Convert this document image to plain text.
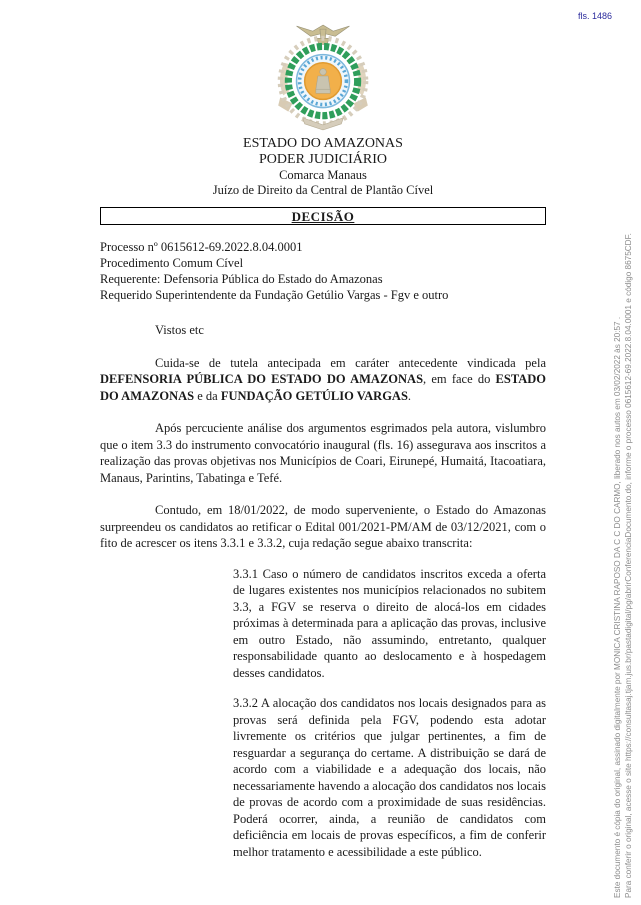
fls. 1486
Este documento é cópia do original, assinado digitalmente por MONICA CRISTINA RAPOSO DA C C DO CARMO, liberado nos autos em 03/02/2022 às 20:57 . Para conferir o original, acesse o site https://consultasaj.tjam.jus.br/pastadigital/pg/abrirConferenciaDocumento.do, informe o processo 0615612-69.2022.8.04.0001 e código 8675CDF.
ESTADO DO AMAZONAS
PODER JUDICIÁRIO
Comarca Manaus
Juízo de Direito da Central de Plantão Cível
DECISÃO
Processo nº 0615612-69.2022.8.04.0001
Procedimento Comum Cível
Requerente: Defensoria Pública do Estado do Amazonas
Requerido Superintendente da Fundação Getúlio Vargas - Fgv e outro
Vistos etc

Cuida-se de tutela antecipada em caráter antecedente vindicada pela DEFENSORIA PÚBLICA DO ESTADO DO AMAZONAS, em face do ESTADO DO AMAZONAS e da FUNDAÇÃO GETÚLIO VARGAS.

Após percuciente análise dos argumentos esgrimados pela autora, vislumbro que o item 3.3 do instrumento convocatório inaugural (fls. 16) assegurava aos inscritos a realização das provas objetivas nos Municípios de Coari, Eirunepé, Humaitá, Itacoatiara, Manaus, Parintins, Tabatinga e Tefé.

Contudo, em 18/01/2022, de modo superveniente, o Estado do Amazonas surpreendeu os candidatos ao retificar o Edital 001/2021-PM/AM de 03/12/2021, com o fito de acrescer os itens 3.3.1 e 3.3.2, cuja redação segue abaixo transcrita:

3.3.1 Caso o número de candidatos inscritos exceda a oferta de lugares existentes nos municípios relacionados no subitem 3.3, a FGV se reserva o direito de alocá-los em cidades próximas à determinada para a aplicação das provas, inclusive em outro Estado, não assumindo, entretanto, qualquer responsabilidade quanto ao deslocamento e à hospedagem desses candidatos.

3.3.2 A alocação dos candidatos nos locais designados para as provas será definida pela FGV, podendo esta adotar livremente os critérios que julgar pertinentes, a fim de resguardar a segurança do certame. A distribuição se dará de acordo com a viabilidade e a adequação dos locais, não necessariamente havendo a alocação dos candidatos nos locais de provas de acordo com a proximidade de suas residências. Poderá ocorrer, ainda, a reunião de candidatos com deficiência em locais de provas específicos, a fim de conferir melhor tratamento e acessibilidade a este público.
